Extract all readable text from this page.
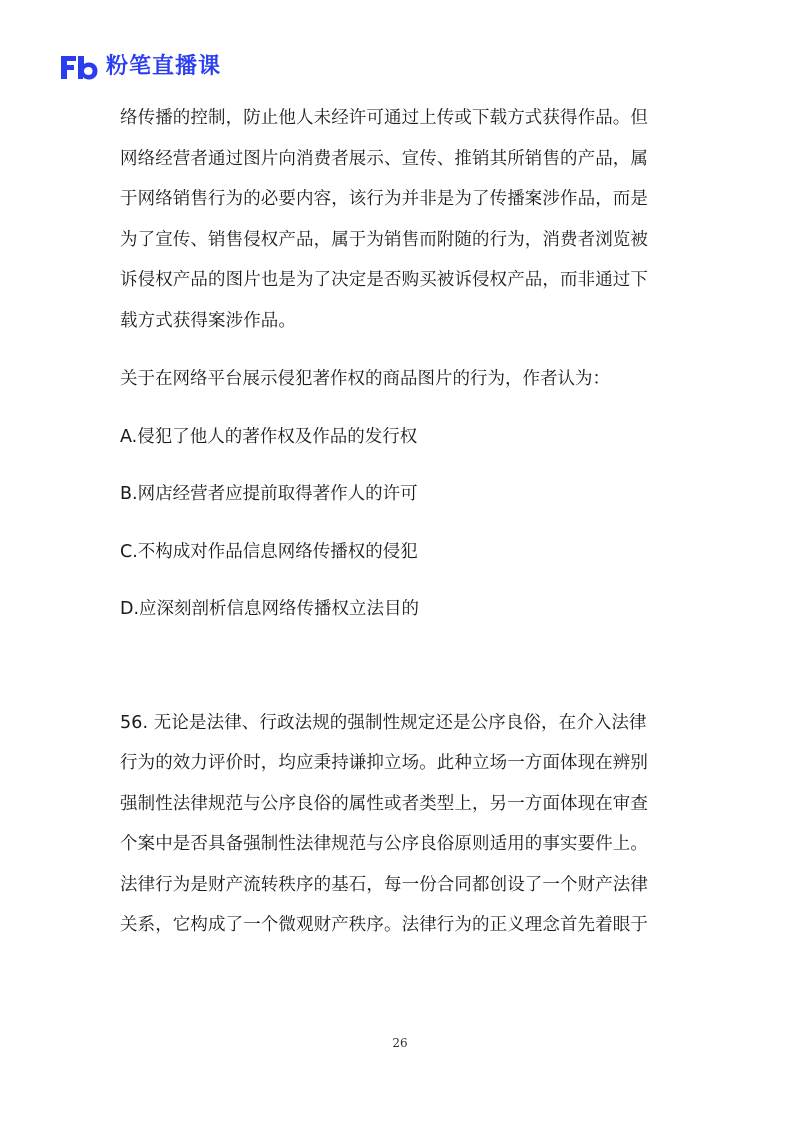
粉笔直播课
络传播的控制，防止他人未经许可通过上传或下载方式获得作品。但
网络经营者通过图片向消费者展示、宣传、推销其所销售的产品，属
于网络销售行为的必要内容，该行为并非是为了传播案涉作品，而是
为了宣传、销售侵权产品，属于为销售而附随的行为，消费者浏览被
诉侵权产品的图片也是为了决定是否购买被诉侵权产品，而非通过下
载方式获得案涉作品。

关于在网络平台展示侵犯著作权的商品图片的行为，作者认为：

A.侵犯了他人的著作权及作品的发行权

B.网店经营者应提前取得著作人的许可

C.不构成对作品信息网络传播权的侵犯

D.应深刻剖析信息网络传播权立法目的

56. 无论是法律、行政法规的强制性规定还是公序良俗，在介入法律
行为的效力评价时，均应秉持谦抑立场。此种立场一方面体现在辨别
强制性法律规范与公序良俗的属性或者类型上，另一方面体现在审查
个案中是否具备强制性法律规范与公序良俗原则适用的事实要件上。
法律行为是财产流转秩序的基石，每一份合同都创设了一个财产法律
关系，它构成了一个微观财产秩序。法律行为的正义理念首先着眼于
26
